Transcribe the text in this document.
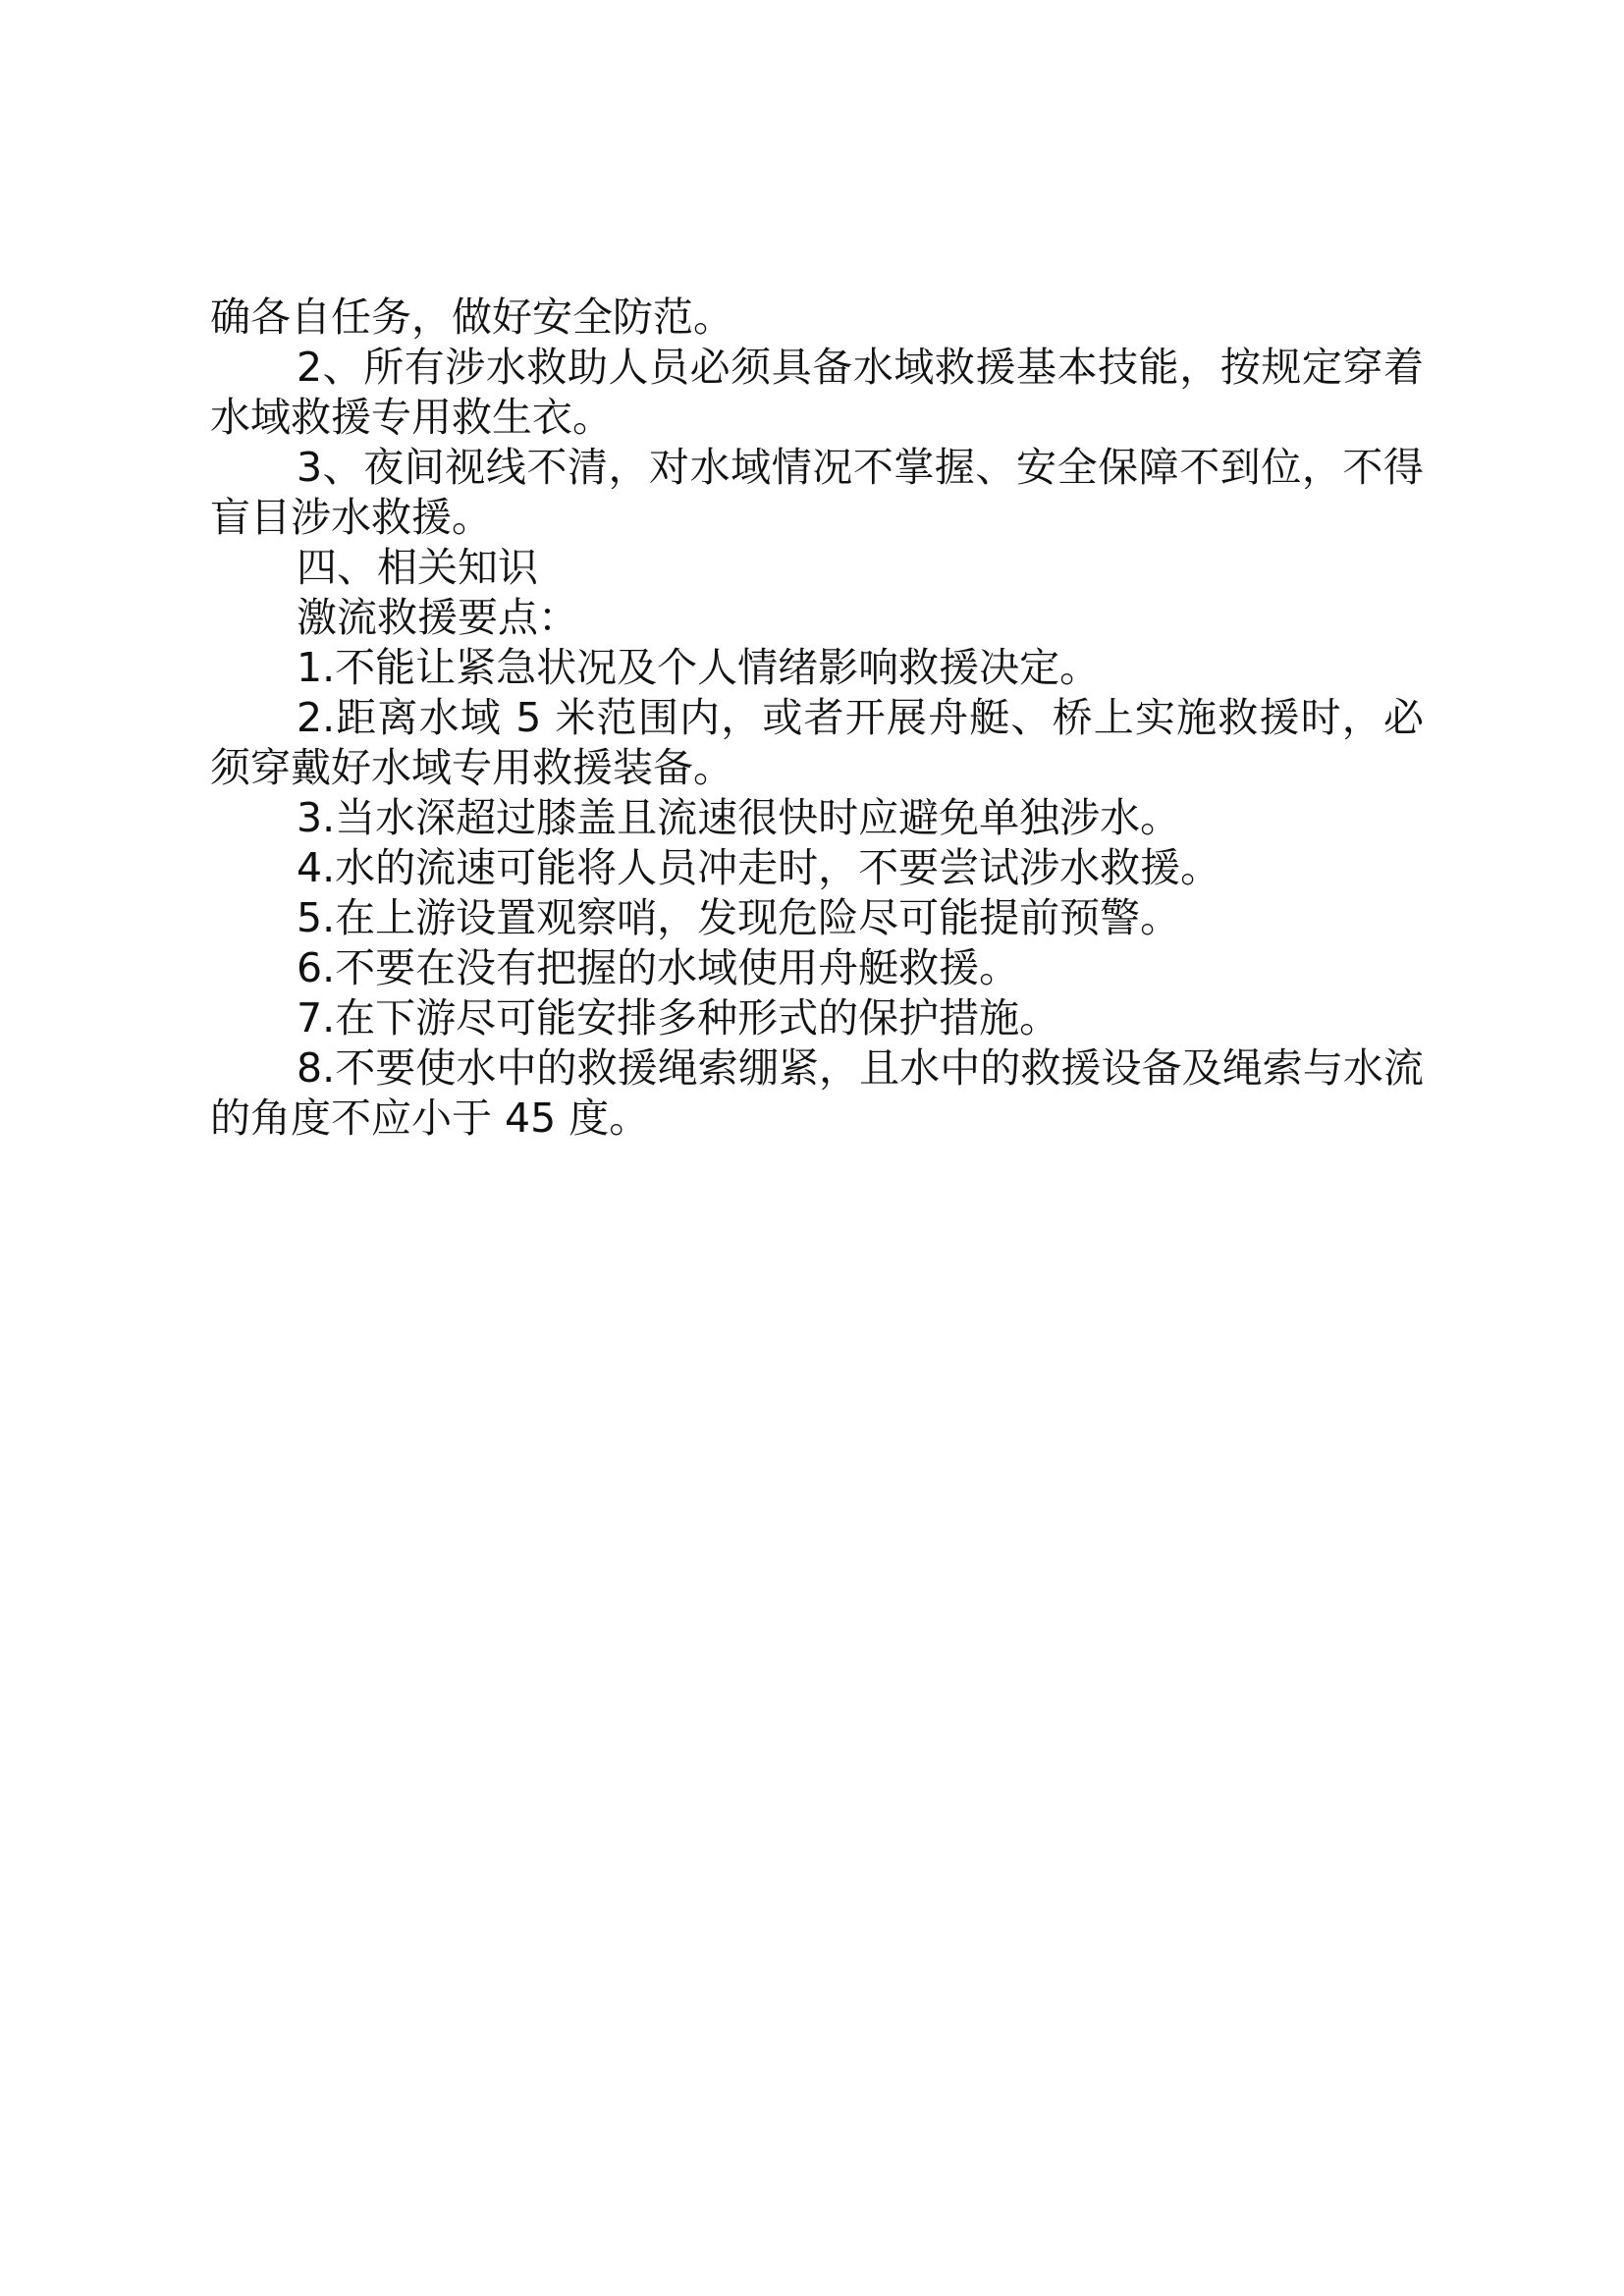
确各自任务，做好安全防范。

2、所有涉水救助人员必须具备水域救援基本技能，按规定穿着水域救援专用救生衣。

3、夜间视线不清，对水域情况不掌握、安全保障不到位，不得盲目涉水救援。

四、相关知识

激流救援要点：

1.不能让紧急状况及个人情绪影响救援决定。

2.距离水域 5 米范围内，或者开展舟艇、桥上实施救援时，必须穿戴好水域专用救援装备。

3.当水深超过膝盖且流速很快时应避免单独涉水。

4.水的流速可能将人员冲走时，不要尝试涉水救援。

5.在上游设置观察哨，发现危险尽可能提前预警。

6.不要在没有把握的水域使用舟艇救援。

7.在下游尽可能安排多种形式的保护措施。

8.不要使水中的救援绳索绷紧，且水中的救援设备及绳索与水流的角度不应小于 45 度。
